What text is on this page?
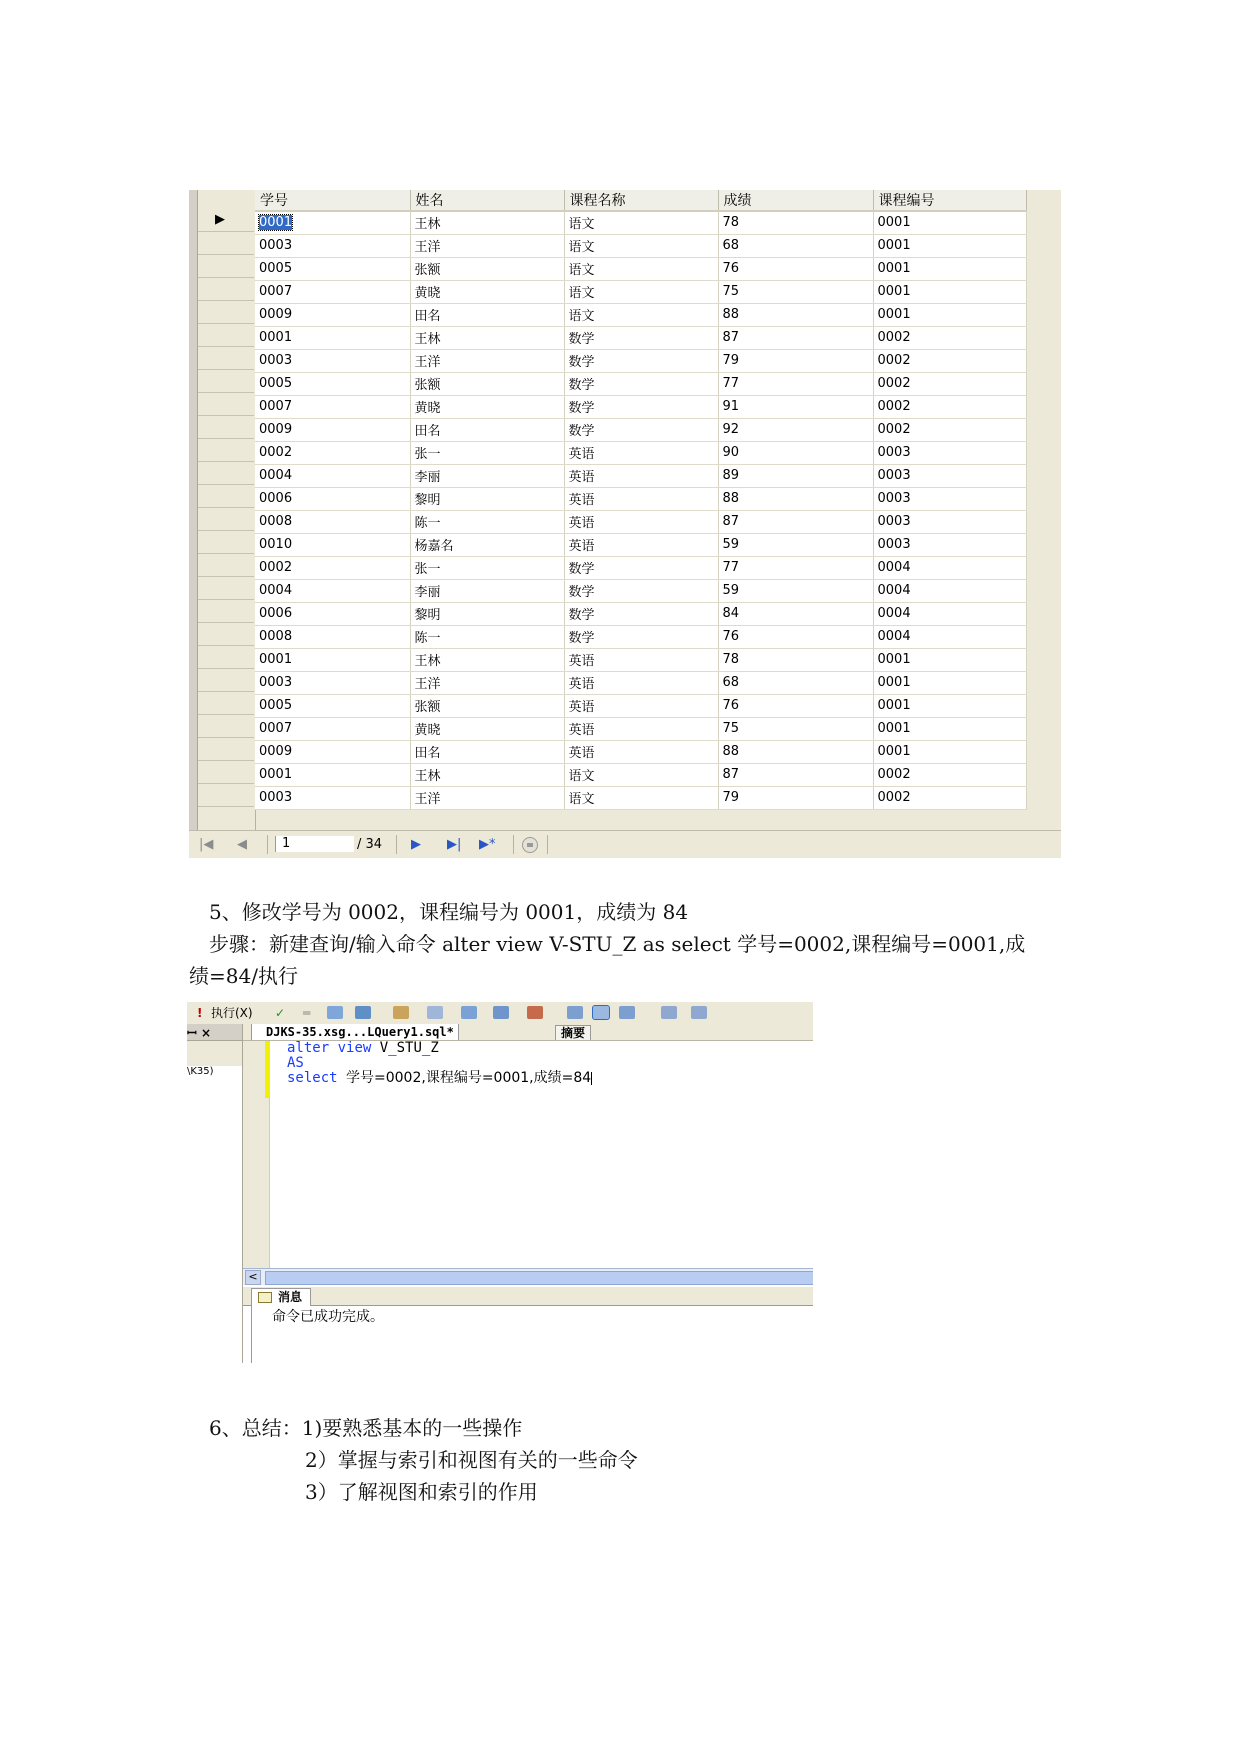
▶
学号	姓名	课程名称	成绩	课程编号
0001	王林	语文	78	0001
0003	王洋	语文	68	0001
0005	张额	语文	76	0001
0007	黄晓	语文	75	0001
0009	田名	语文	88	0001
0001	王林	数学	87	0002
0003	王洋	数学	79	0002
0005	张额	数学	77	0002
0007	黄晓	数学	91	0002
0009	田名	数学	92	0002
0002	张一	英语	90	0003
0004	李丽	英语	89	0003
0006	黎明	英语	88	0003
0008	陈一	英语	87	0003
0010	杨嘉名	英语	59	0003
0002	张一	数学	77	0004
0004	李丽	数学	59	0004
0006	黎明	数学	84	0004
0008	陈一	数学	76	0004
0001	王林	英语	78	0001
0003	王洋	英语	68	0001
0005	张额	英语	76	0001
0007	黄晓	英语	75	0001
0009	田名	英语	88	0001
0001	王林	语文	87	0002
0003	王洋	语文	79	0002
|◀ ◀	1	/ 34 ▶ ▶| ▶*
5、修改学号为 0002，课程编号为 0001，成绩为 84
步骤：新建查询/输入命令 alter view V-STU_Z as select 学号=0002,课程编号=0001,成
绩=84/执行
! 执行(X) ✓ ═
ꟷ ×
\K35)
DJKS-35.xsg...LQuery1.sql*	摘要
alter view V_STU_Z
AS
select 学号=0002,课程编号=0001,成绩=84
<
消息
命令已成功完成。
6、总结：1)要熟悉基本的一些操作
2）掌握与索引和视图有关的一些命令
3）了解视图和索引的作用
